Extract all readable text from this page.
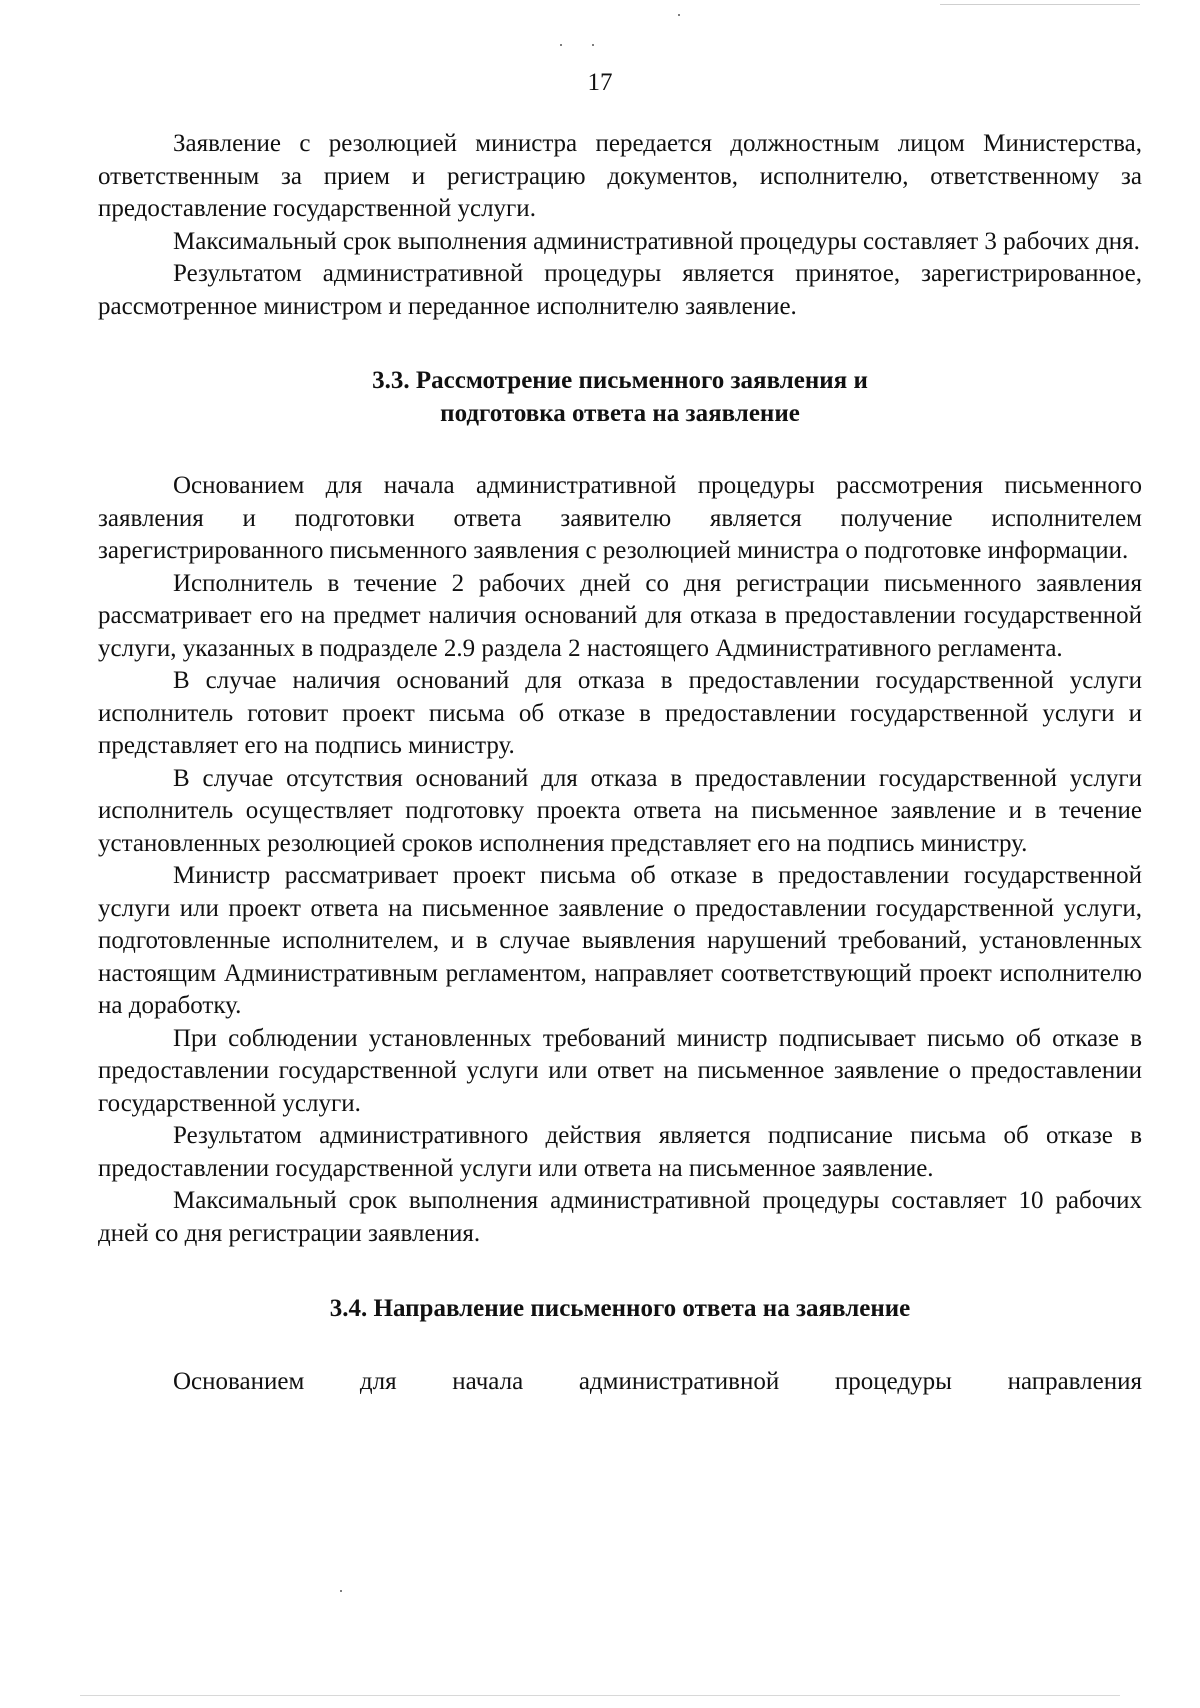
17

Заявление с резолюцией министра передается должностным лицом Министерства, ответственным за прием и регистрацию документов, исполнителю, ответственному за предоставление государственной услуги.

Максимальный срок выполнения административной процедуры составляет 3 рабочих дня.

Результатом административной процедуры является принятое, зарегистрированное, рассмотренное министром и переданное исполнителю заявление.

3.3. Рассмотрение письменного заявления и
подготовка ответа на заявление

Основанием для начала административной процедуры рассмотрения письменного заявления и подготовки ответа заявителю является получение исполнителем зарегистрированного письменного заявления с резолюцией министра о подготовке информации.

Исполнитель в течение 2 рабочих дней со дня регистрации письменного заявления рассматривает его на предмет наличия оснований для отказа в предоставлении государственной услуги, указанных в подразделе 2.9 раздела 2 настоящего Административного регламента.

В случае наличия оснований для отказа в предоставлении государственной услуги исполнитель готовит проект письма об отказе в предоставлении государственной услуги и представляет его на подпись министру.

В случае отсутствия оснований для отказа в предоставлении государственной услуги исполнитель осуществляет подготовку проекта ответа на письменное заявление и в течение установленных резолюцией сроков исполнения представляет его на подпись министру.

Министр рассматривает проект письма об отказе в предоставлении государственной услуги или проект ответа на письменное заявление о предоставлении государственной услуги, подготовленные исполнителем, и в случае выявления нарушений требований, установленных настоящим Административным регламентом, направляет соответствующий проект исполнителю на доработку.

При соблюдении установленных требований министр подписывает письмо об отказе в предоставлении государственной услуги или ответ на письменное заявление о предоставлении государственной услуги.

Результатом административного действия является подписание письма об отказе в предоставлении государственной услуги или ответа на письменное заявление.

Максимальный срок выполнения административной процедуры составляет 10 рабочих дней со дня регистрации заявления.

3.4. Направление письменного ответа на заявление

Основанием для начала административной процедуры направления
